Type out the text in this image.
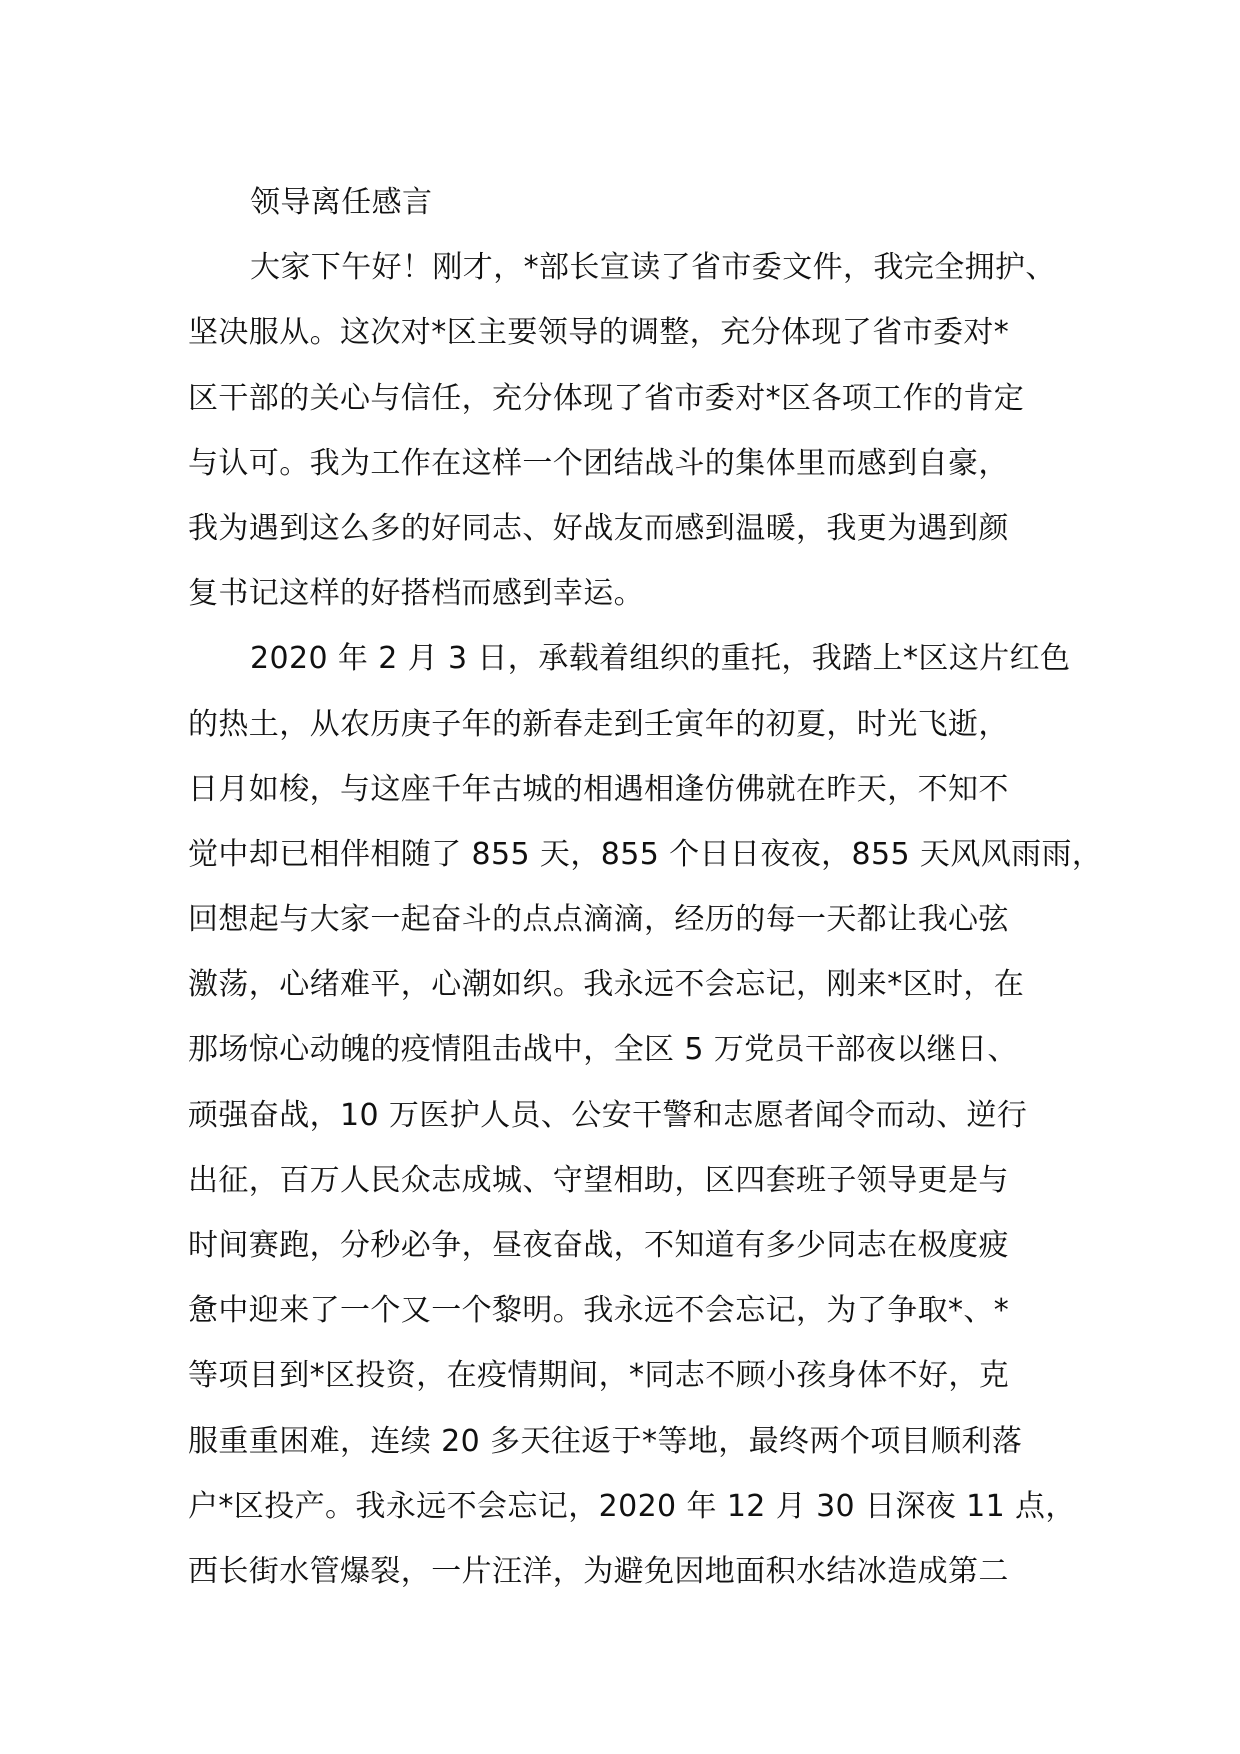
领导离任感言
大家下午好！刚才，*部长宣读了省市委文件，我完全拥护、
坚决服从。这次对*区主要领导的调整，充分体现了省市委对*
区干部的关心与信任，充分体现了省市委对*区各项工作的肯定
与认可。我为工作在这样一个团结战斗的集体里而感到自豪，
我为遇到这么多的好同志、好战友而感到温暖，我更为遇到颜
复书记这样的好搭档而感到幸运。
2020 年 2 月 3 日，承载着组织的重托，我踏上*区这片红色
的热土，从农历庚子年的新春走到壬寅年的初夏，时光飞逝，
日月如梭，与这座千年古城的相遇相逢仿佛就在昨天，不知不
觉中却已相伴相随了 855 天，855 个日日夜夜，855 天风风雨雨，
回想起与大家一起奋斗的点点滴滴，经历的每一天都让我心弦
激荡，心绪难平，心潮如织。我永远不会忘记，刚来*区时，在
那场惊心动魄的疫情阻击战中，全区 5 万党员干部夜以继日、
顽强奋战，10 万医护人员、公安干警和志愿者闻令而动、逆行
出征，百万人民众志成城、守望相助，区四套班子领导更是与
时间赛跑，分秒必争，昼夜奋战，不知道有多少同志在极度疲
惫中迎来了一个又一个黎明。我永远不会忘记，为了争取*、*
等项目到*区投资，在疫情期间，*同志不顾小孩身体不好，克
服重重困难，连续 20 多天往返于*等地，最终两个项目顺利落
户*区投产。我永远不会忘记，2020 年 12 月 30 日深夜 11 点，
西长街水管爆裂，一片汪洋，为避免因地面积水结冰造成第二
